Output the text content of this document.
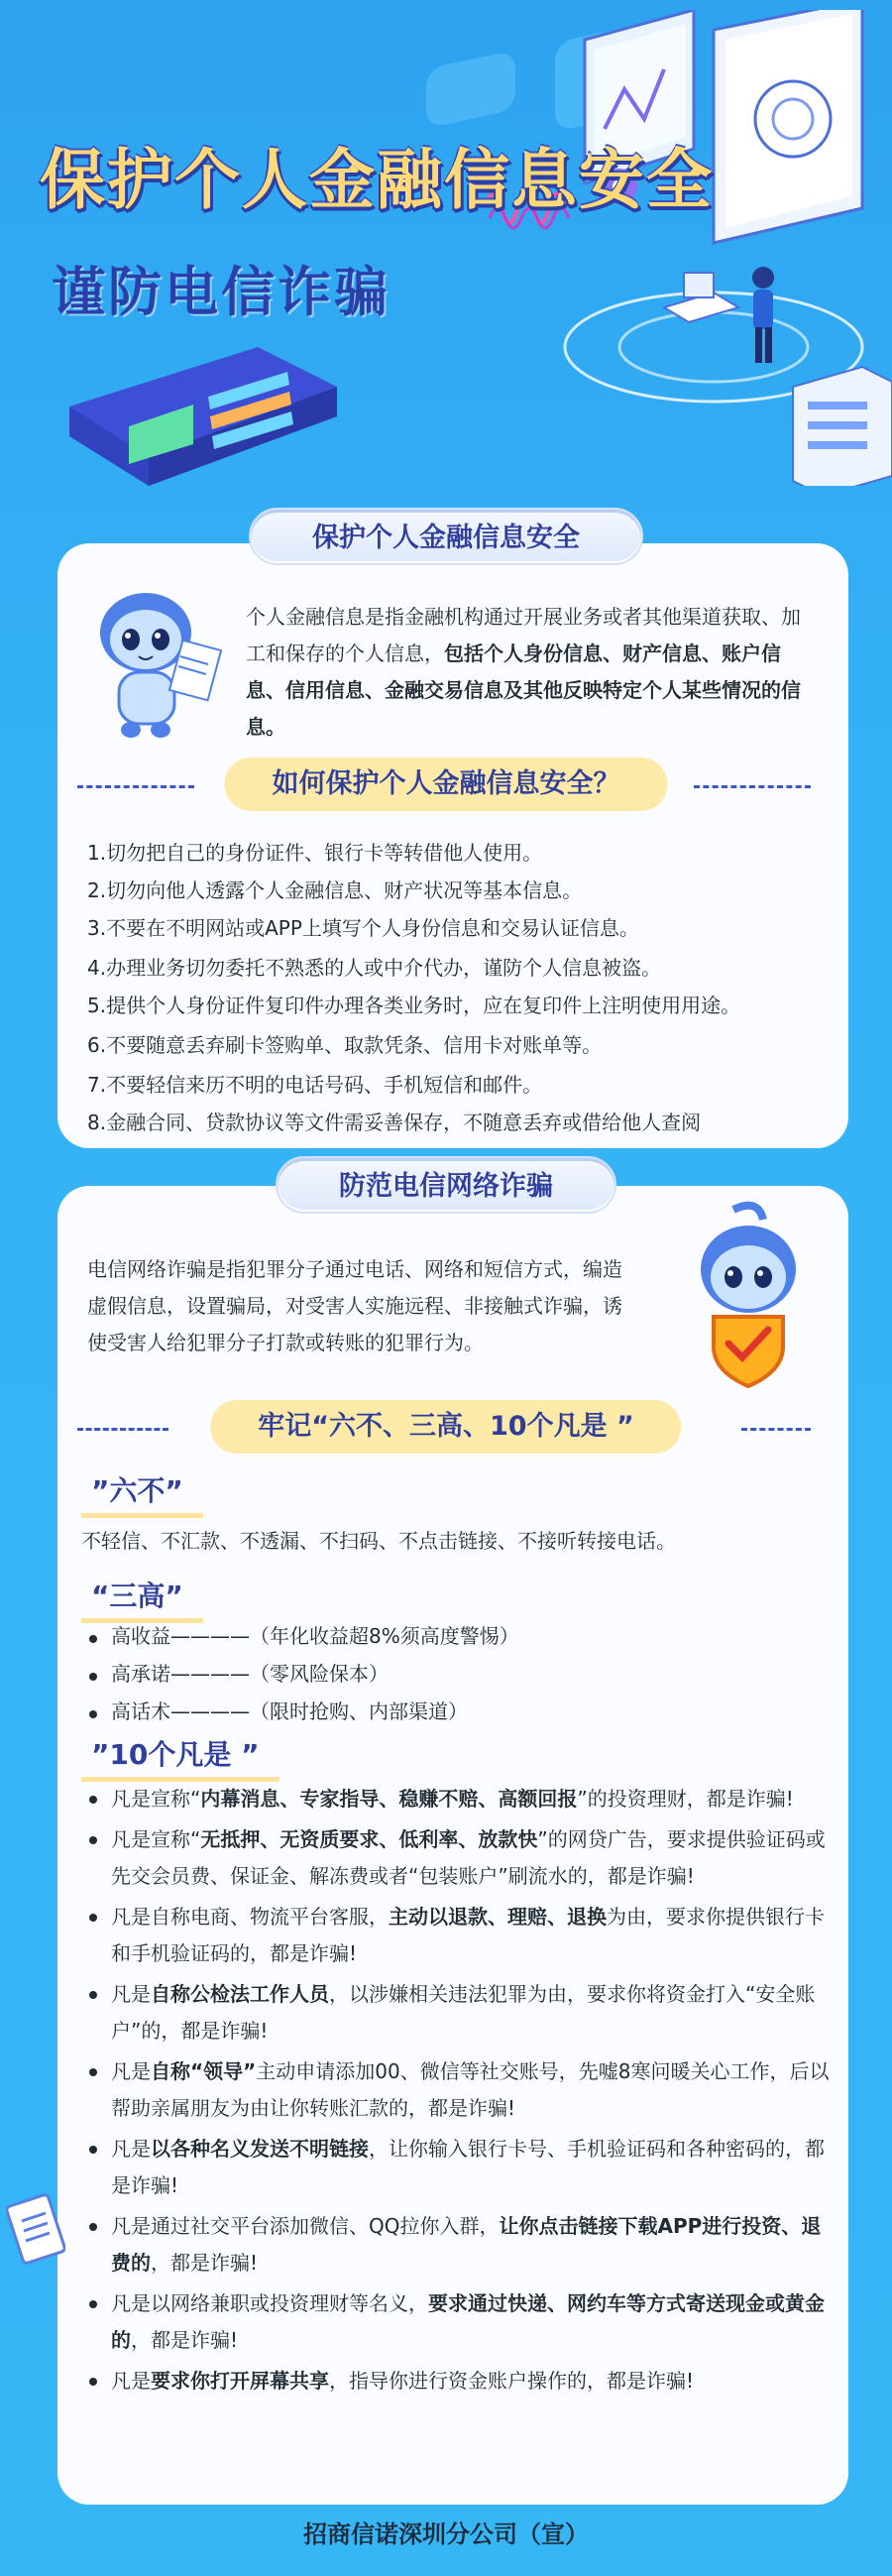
保护个人金融信息安全
谨防电信诈骗
保护个人金融信息安全
个人金融信息是指金融机构通过开展业务或者其他渠道获取、加工和保存的个人信息，包括个人身份信息、财产信息、账户信息、信用信息、金融交易信息及其他反映特定个人某些情况的信息。
如何保护个人金融信息安全？
1.切勿把自己的身份证件、银行卡等转借他人使用。
2.切勿向他人透露个人金融信息、财产状况等基本信息。
3.不要在不明网站或APP上填写个人身份信息和交易认证信息。
4.办理业务切勿委托不熟悉的人或中介代办，谨防个人信息被盗。
5.提供个人身份证件复印件办理各类业务时，应在复印件上注明使用用途。
6.不要随意丢弃刷卡签购单、取款凭条、信用卡对账单等。
7.不要轻信来历不明的电话号码、手机短信和邮件。
8.金融合同、贷款协议等文件需妥善保存，不随意丢弃或借给他人查阅
防范电信网络诈骗
电信网络诈骗是指犯罪分子通过电话、网络和短信方式，编造虚假信息，设置骗局，对受害人实施远程、非接触式诈骗，诱使受害人给犯罪分子打款或转账的犯罪行为。
牢记“六不、三高、10个凡是 ”
”六不”
不轻信、不汇款、不透漏、不扫码、不点击链接、不接听转接电话。
“三高”
高收益————（年化收益超8%须高度警惕）
高承诺————（零风险保本）
高话术————（限时抢购、内部渠道）
”10个凡是 ”
凡是宣称“内幕消息、专家指导、稳赚不赔、高额回报”的投资理财，都是诈骗!
凡是宣称“无抵押、无资质要求、低利率、放款快”的网贷广告，要求提供验证码或先交会员费、保证金、解冻费或者“包装账户”刷流水的，都是诈骗!
凡是自称电商、物流平台客服，主动以退款、理赔、退换为由，要求你提供银行卡和手机验证码的，都是诈骗!
凡是自称公检法工作人员，以涉嫌相关违法犯罪为由，要求你将资金打入“安全账户”的，都是诈骗!
凡是自称“领导”主动申请添加00、微信等社交账号，先嘘8寒问暖关心工作，后以帮助亲属朋友为由让你转账汇款的，都是诈骗!
凡是以各种名义发送不明链接，让你输入银行卡号、手机验证码和各种密码的，都是诈骗!
凡是通过社交平台添加微信、QQ拉你入群，让你点击链接下载APP进行投资、退费的，都是诈骗!
凡是以网络兼职或投资理财等名义，要求通过快递、网约车等方式寄送现金或黄金的，都是诈骗!
凡是要求你打开屏幕共享，指导你进行资金账户操作的，都是诈骗!
招商信诺深圳分公司（宣）
